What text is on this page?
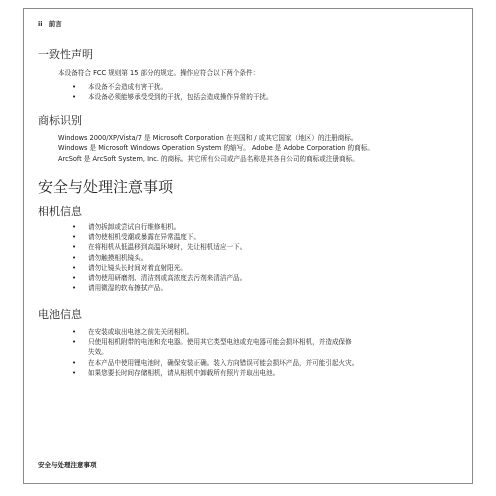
ii 前言
一致性声明
本设备符合 FCC 规则第 15 部分的规定。操作应符合以下两个条件：
• 本设备不会造成有害干扰。
• 本设备必须能够承受受到的干扰，包括会造成操作异常的干扰。
商标识别
Windows 2000/XP/Vista/7 是 Microsoft Corporation 在美国和 / 或其它国家（地区）的注册商标。
Windows 是 Microsoft Windows Operation System 的缩写。 Adobe 是 Adobe Corporation 的商标。
ArcSoft 是 ArcSoft System, Inc. 的商标。其它所有公司或产品名称是其各自公司的商标或注册商标。
安全与处理注意事项
相机信息
• 请勿拆卸或尝试自行维修相机。
• 请勿使相机受潮或暴露在异常温度下。
• 在将相机从低温移到高温环境时，先让相机适应一下。
• 请勿触摸相机镜头。
• 请勿让镜头长时间对着直射阳光。
• 请勿使用研磨剂、清洁剂或高浓度去污剂来清洁产品。
• 请用微湿的软布擦拭产品。
电池信息
• 在安装或取出电池之前先关闭相机。
• 只使用相机附带的电池和充电器。使用其它类型电池或充电器可能会损坏相机，并造成保修
失效。
• 在本产品中使用锂电池时，确保安装正确。装入方向错误可能会损坏产品，并可能引起火灾。
• 如果您要长时间存储相机，请从相机中卸载所有照片并取出电池。
安全与处理注意事项
